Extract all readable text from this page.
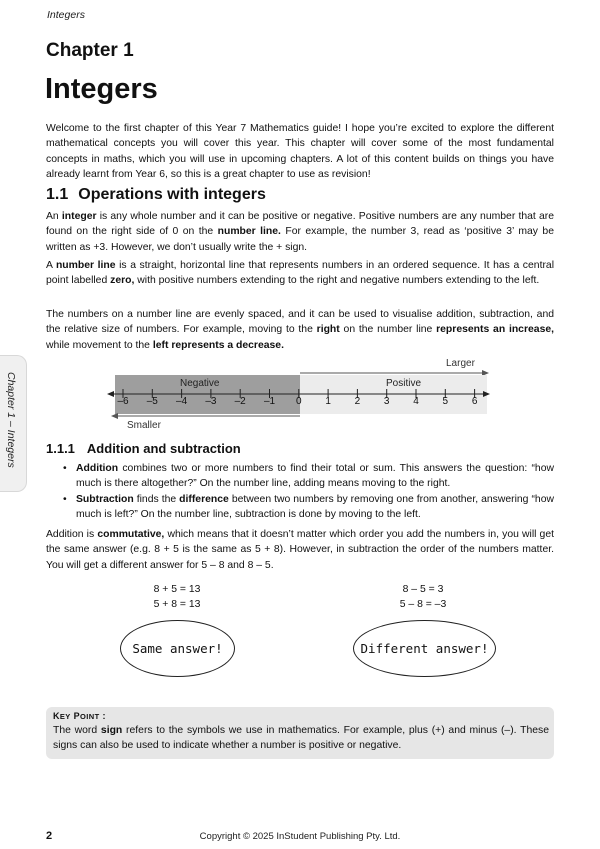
Integers
Chapter 1
Integers

Welcome to the first chapter of this Year 7 Mathematics guide! I hope you’re excited to explore the different mathematical concepts you will cover this year. This chapter will cover some of the most fundamental concepts in maths, which you will use in upcoming chapters. A lot of this content builds on things you have already learnt from Year 6, so this is a great chapter to use as revision!

1.1 Operations with integers

An integer is any whole number and it can be positive or negative. Positive numbers are any number that are found on the right side of 0 on the number line. For example, the number 3, read as ‘positive 3’ may be written as +3. However, we don’t usually write the + sign.

A number line is a straight, horizontal line that represents numbers in an ordered sequence. It has a central point labelled zero, with positive numbers extending to the right and negative numbers extending to the left.

The numbers on a number line are evenly spaced, and it can be used to visualise addition, subtraction, and the relative size of numbers. For example, moving to the right on the number line represents an increase, while movement to the left represents a decrease.

Larger
Negative	Positive
–6 –5 –4 –3 –2 –1 0 1 2 3 4 5 6
Smaller
1.1.1 Addition and subtraction
• Addition combines two or more numbers to find their total or sum. This answers the question: “how much is there altogether?” On the number line, adding means moving to the right.
• Subtraction finds the difference between two numbers by removing one from another, answering “how much is left?” On the number line, subtraction is done by moving to the left.

Addition is commutative, which means that it doesn’t matter which order you add the numbers in, you will get the same answer (e.g. 8 + 5 is the same as 5 + 8). However, in subtraction the order of the numbers matter. You will get a different answer for 5 – 8 and 8 – 5.

8 + 5 = 13
5 + 8 = 13
8 – 5 = 3
5 – 8 = –3
Same answer!	Different answer!
KEY POINT :
The word sign refers to the symbols we use in mathematics. For example, plus (+) and minus (–). These signs can also be used to indicate whether a number is positive or negative.
Chapter 1 – Integers
2	Copyright © 2025 InStudent Publishing Pty. Ltd.
